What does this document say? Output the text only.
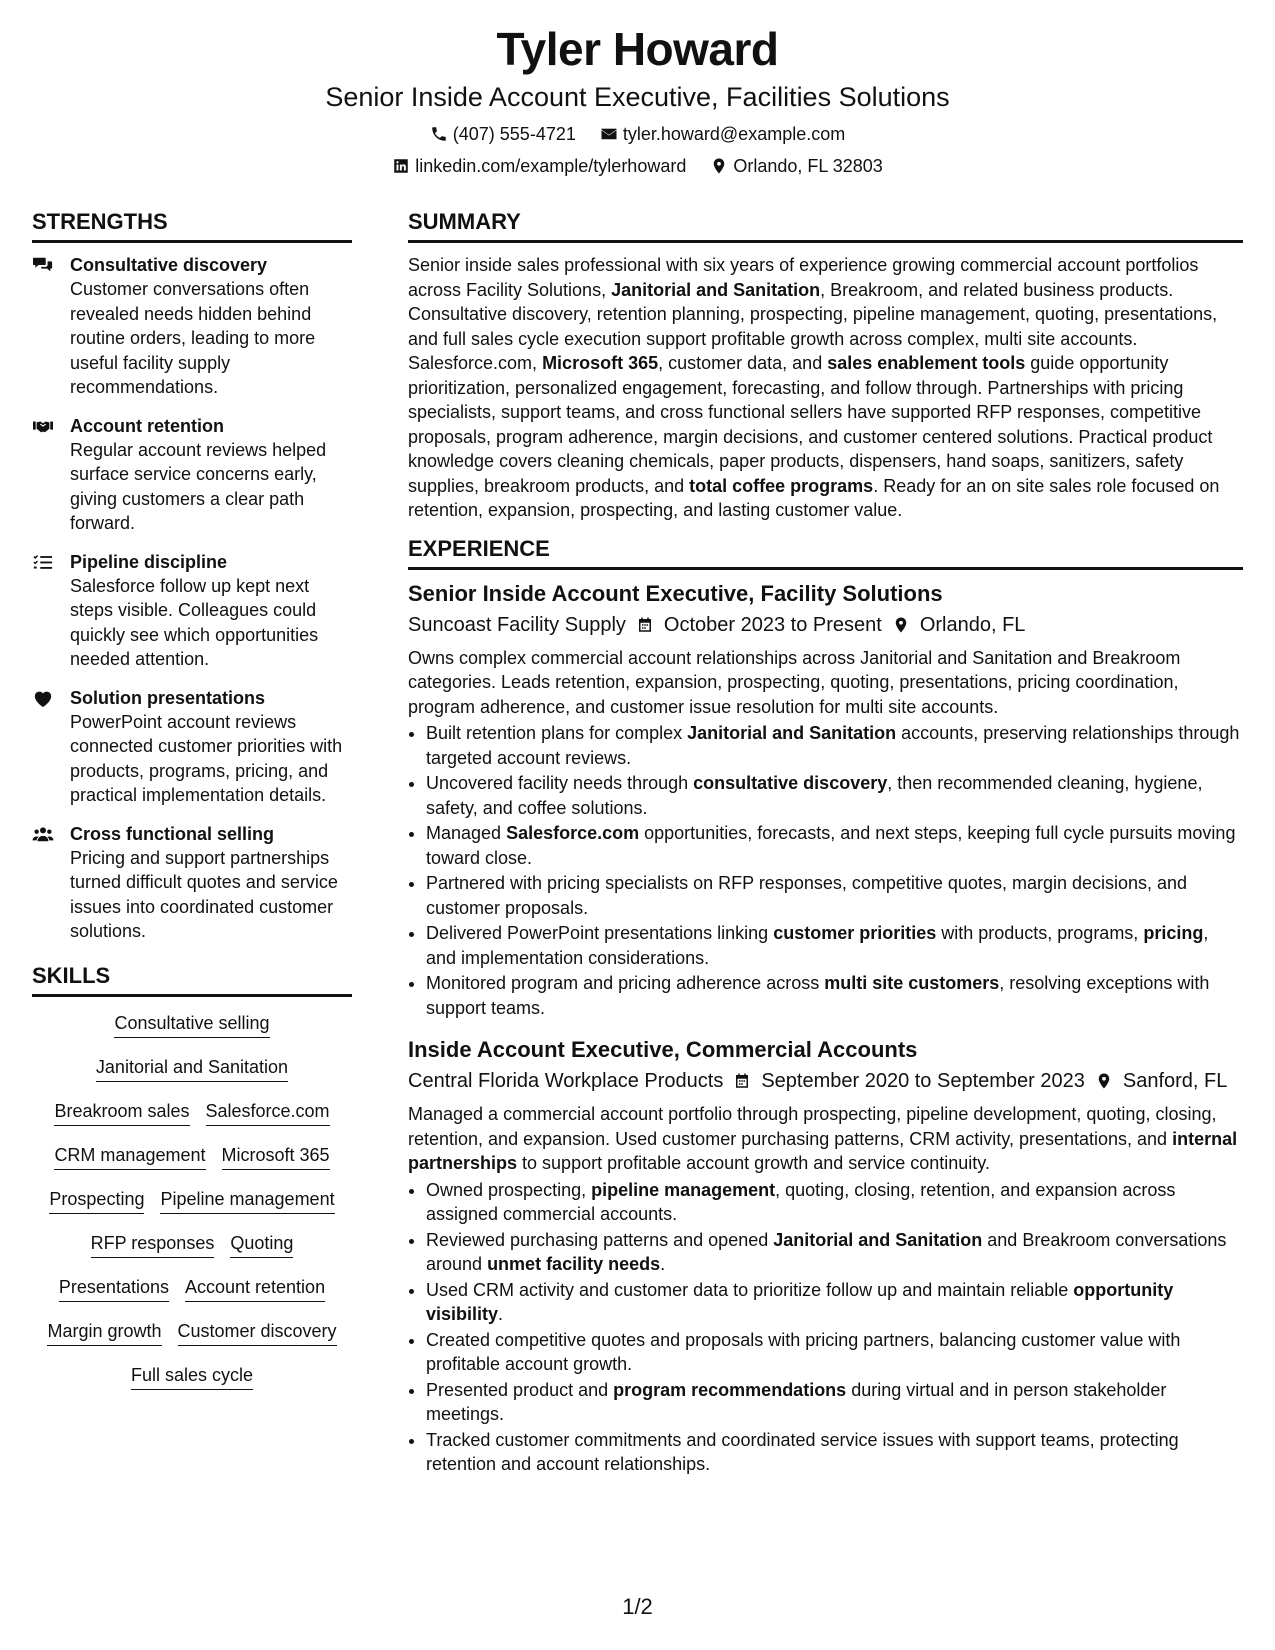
Tyler Howard
Senior Inside Account Executive, Facilities Solutions
(407) 555-4721	tyler.howard@example.com
linkedin.com/example/tylerhoward	Orlando, FL 32803
STRENGTHS
Consultative discovery
Customer conversations often revealed needs hidden behind routine orders, leading to more useful facility supply recommendations.
Account retention
Regular account reviews helped surface service concerns early, giving customers a clear path forward.
Pipeline discipline
Salesforce follow up kept next steps visible. Colleagues could quickly see which opportunities needed attention.
Solution presentations
PowerPoint account reviews connected customer priorities with products, programs, pricing, and practical implementation details.
Cross functional selling
Pricing and support partnerships turned difficult quotes and service issues into coordinated customer solutions.
SKILLS
Consultative selling
Janitorial and Sanitation
Breakroom sales Salesforce.com
CRM management Microsoft 365
Prospecting Pipeline management
RFP responses Quoting
Presentations Account retention
Margin growth Customer discovery
Full sales cycle
SUMMARY

Senior inside sales professional with six years of experience growing commercial account portfolios across Facility Solutions, Janitorial and Sanitation, Breakroom, and related business products. Consultative discovery, retention planning, prospecting, pipeline management, quoting, presentations, and full sales cycle execution support profitable growth across complex, multi site accounts. Salesforce.com, Microsoft 365, customer data, and sales enablement tools guide opportunity prioritization, personalized engagement, forecasting, and follow through. Partnerships with pricing specialists, support teams, and cross functional sellers have supported RFP responses, competitive proposals, program adherence, margin decisions, and customer centered solutions. Practical product knowledge covers cleaning chemicals, paper products, dispensers, hand soaps, sanitizers, safety supplies, breakroom products, and total coffee programs. Ready for an on site sales role focused on retention, expansion, prospecting, and lasting customer value.

EXPERIENCE
Senior Inside Account Executive, Facility Solutions
Suncoast Facility Supply October 2023 to Present Orlando, FL
Owns complex commercial account relationships across Janitorial and Sanitation and Breakroom categories. Leads retention, expansion, prospecting, quoting, presentations, pricing coordination, program adherence, and customer issue resolution for multi site accounts.
• Built retention plans for complex Janitorial and Sanitation accounts, preserving relationships through targeted account reviews.
• Uncovered facility needs through consultative discovery, then recommended cleaning, hygiene, safety, and coffee solutions.
• Managed Salesforce.com opportunities, forecasts, and next steps, keeping full cycle pursuits moving toward close.
• Partnered with pricing specialists on RFP responses, competitive quotes, margin decisions, and customer proposals.
• Delivered PowerPoint presentations linking customer priorities with products, programs, pricing, and implementation considerations.
• Monitored program and pricing adherence across multi site customers, resolving exceptions with support teams.
Inside Account Executive, Commercial Accounts
Central Florida Workplace Products September 2020 to September 2023 Sanford, FL
Managed a commercial account portfolio through prospecting, pipeline development, quoting, closing, retention, and expansion. Used customer purchasing patterns, CRM activity, presentations, and internal partnerships to support profitable account growth and service continuity.
• Owned prospecting, pipeline management, quoting, closing, retention, and expansion across assigned commercial accounts.
• Reviewed purchasing patterns and opened Janitorial and Sanitation and Breakroom conversations around unmet facility needs.
• Used CRM activity and customer data to prioritize follow up and maintain reliable opportunity visibility.
• Created competitive quotes and proposals with pricing partners, balancing customer value with profitable account growth.
• Presented product and program recommendations during virtual and in person stakeholder meetings.
• Tracked customer commitments and coordinated service issues with support teams, protecting retention and account relationships.
1/2
